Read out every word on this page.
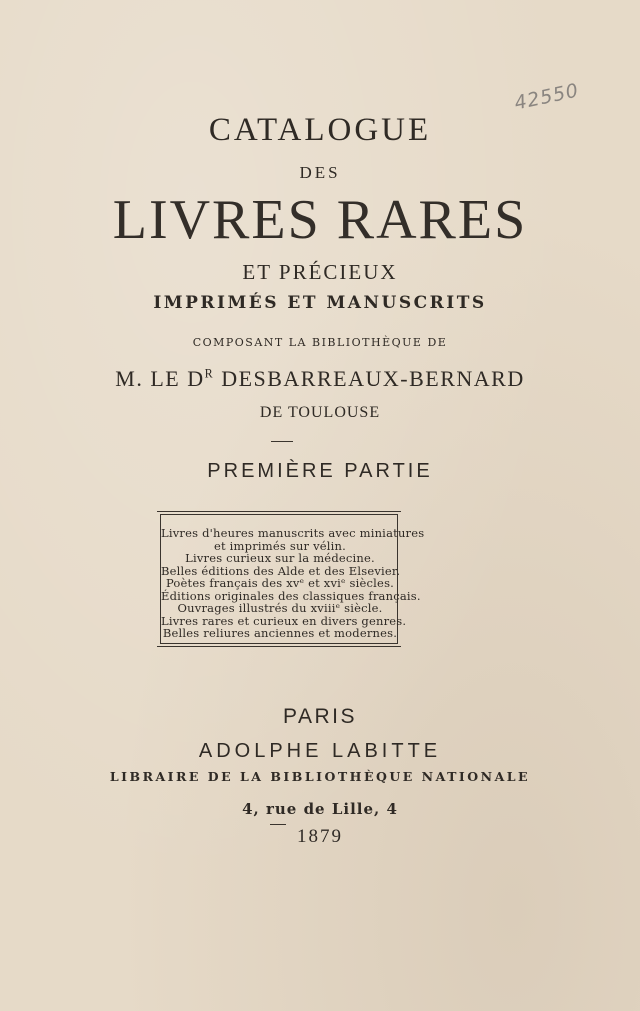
42550
CATALOGUE
DES
LIVRES RARES
ET PRÉCIEUX
IMPRIMÉS ET MANUSCRITS
COMPOSANT LA BIBLIOTHÈQUE DE
M. LE $D^R$ DESBARREAUX-BERNARD
DE TOULOUSE
PREMIÈRE PARTIE
Livres d'heures manuscrits avec miniatures
et imprimés sur vélin.
Livres curieux sur la médecine.
Belles éditions des Alde et des Elsevier.
Poètes français des xvᵉ et xviᵉ siècles.
Éditions originales des classiques français.
Ouvrages illustrés du xviiiᵉ siècle.
Livres rares et curieux en divers genres.
Belles reliures anciennes et modernes.
PARIS
ADOLPHE LABITTE
LIBRAIRE DE LA BIBLIOTHÈQUE NATIONALE
4, rue de Lille, 4
1879
